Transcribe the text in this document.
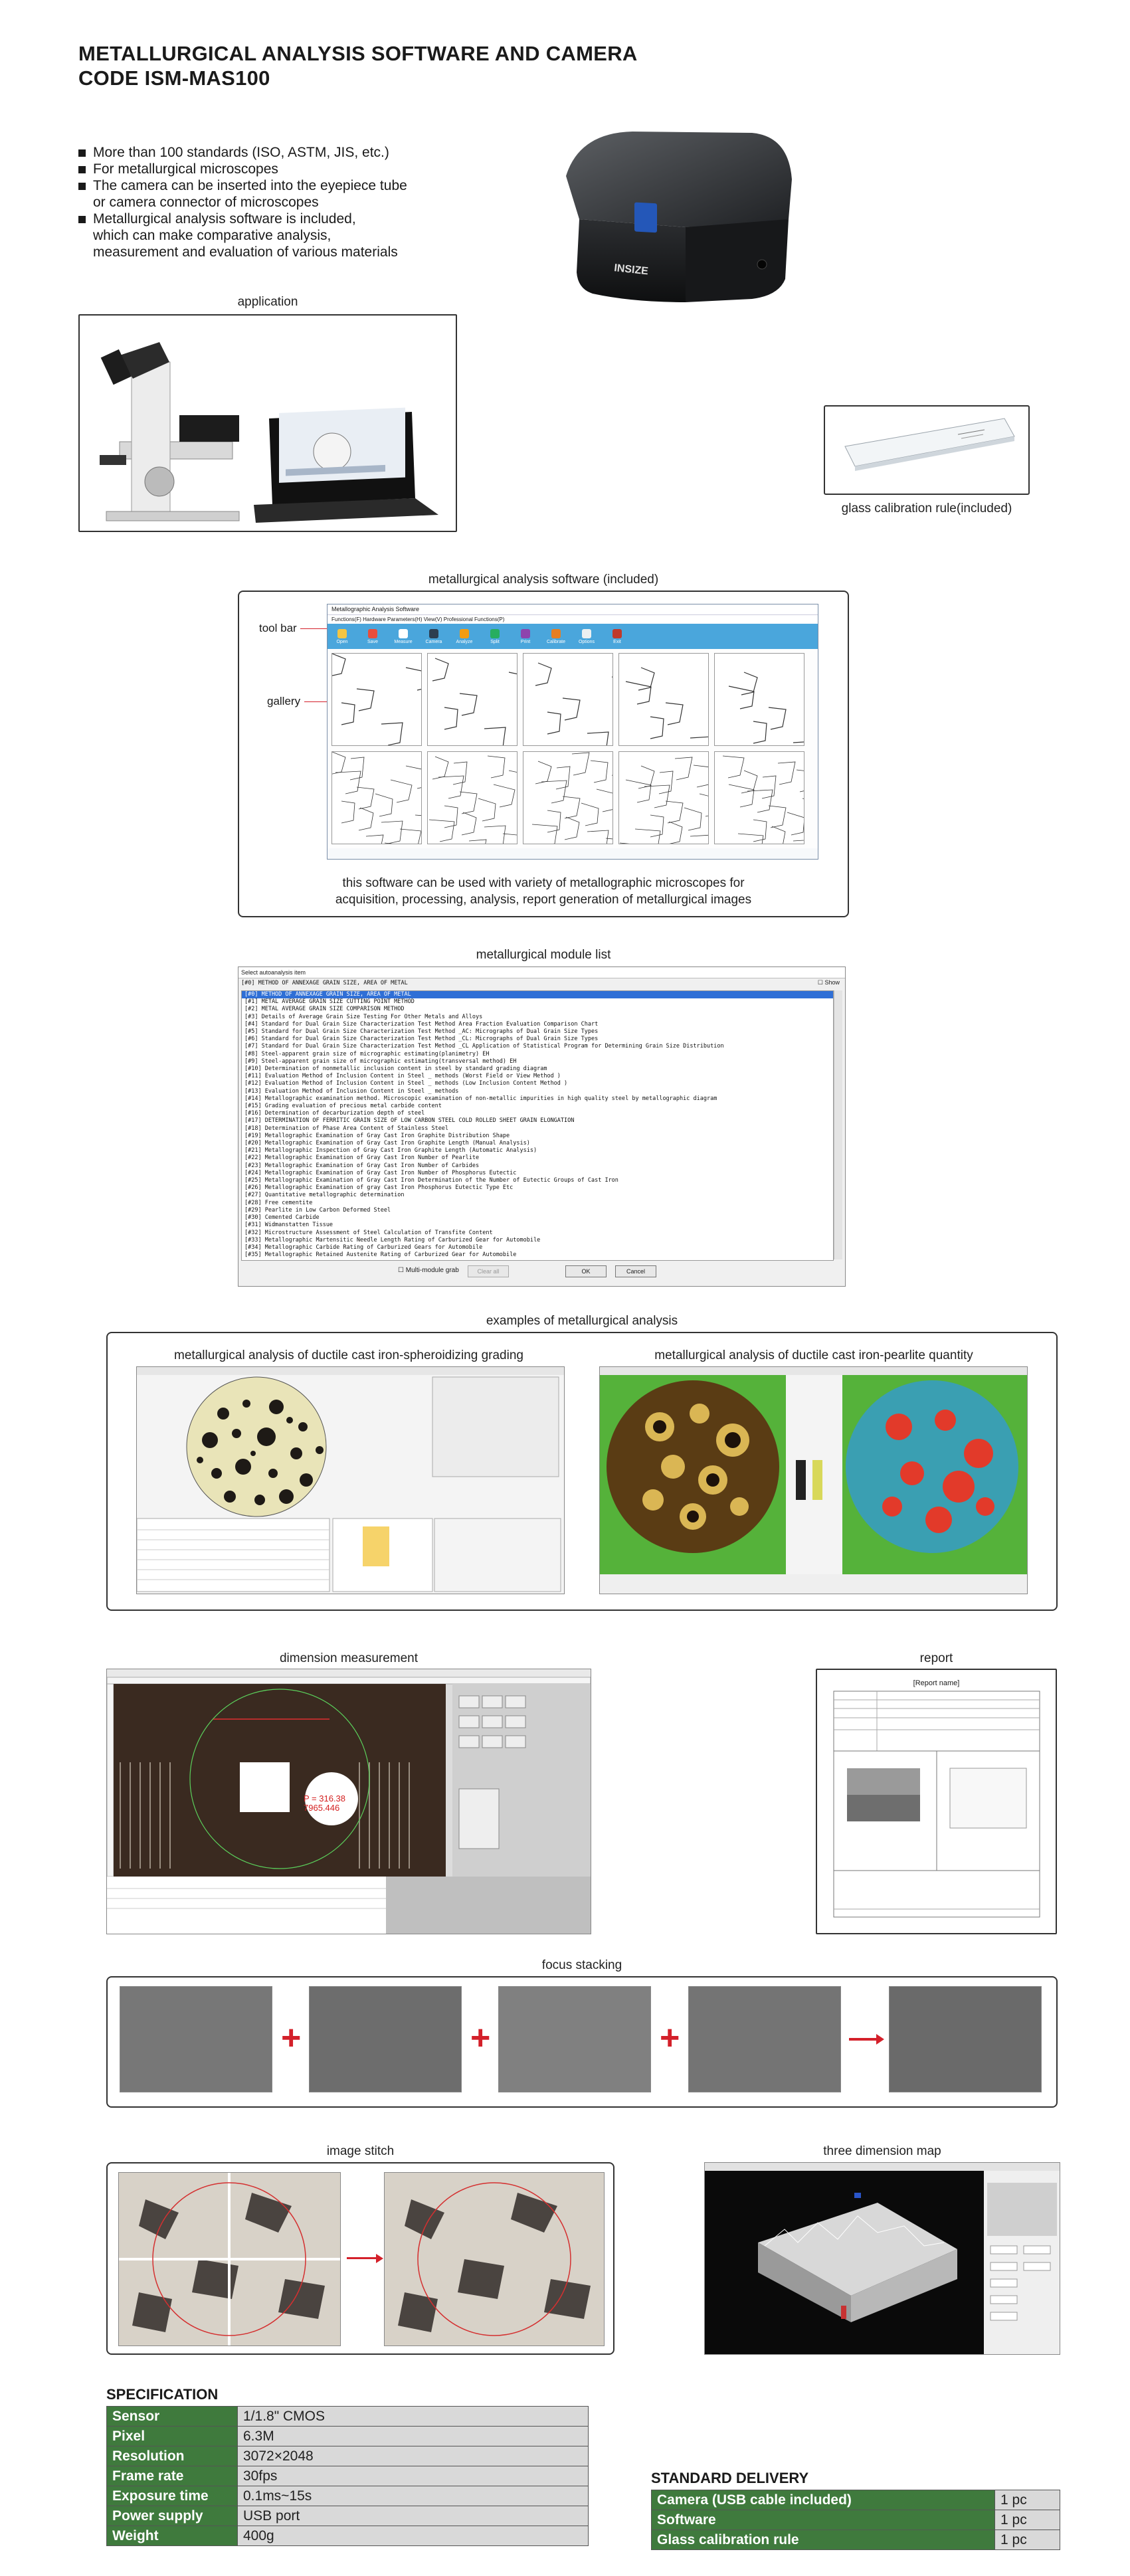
METALLURGICAL ANALYSIS SOFTWARE AND CAMERA
CODE ISM-MAS100
More than 100 standards (ISO, ASTM, JIS, etc.)
For metallurgical microscopes
The camera can be inserted into the eyepiece tube
or camera connector of microscopes
Metallurgical analysis software is included,
which can make comparative analysis,
measurement and evaluation of various materials
INSIZE
application
glass calibration rule(included)
metallurgical analysis software (included)
tool bar
gallery
Metallographic Analysis Software
Functions(F) Hardware Parameters(H) View(V) Professional Functions(P)
Open	Save	Measure	Camera	Analyze	Split	Print	Calibrate	Options	Exit
this software can be used with variety of metallographic microscopes for
acquisition, processing, analysis, report generation of metallurgical images
metallurgical module list
Select autoanalysis item
[#0] METHOD OF ANNEXAGE GRAIN SIZE, AREA OF METAL	☐ Show
[#0] METHOD OF ANNEXAGE GRAIN SIZE, AREA OF METAL
[#1] METAL AVERAGE GRAIN SIZE CUTTING POINT METHOD
[#2] METAL AVERAGE GRAIN SIZE COMPARISON METHOD
[#3] Details of Average Grain Size Testing For Other Metals and Alloys
[#4] Standard for Dual Grain Size Characterization Test Method Area Fraction Evaluation Comparison Chart
[#5] Standard for Dual Grain Size Characterization Test Method _AC: Micrographs of Dual Grain Size Types
[#6] Standard for Dual Grain Size Characterization Test Method _CL: Micrographs of Dual Grain Size Types
[#7] Standard for Dual Grain Size Characterization Test Method _CL Application of Statistical Program for Determining Grain Size Distribution
[#8] Steel-apparent grain size of micrographic estimating(planimetry) EH
[#9] Steel-apparent grain size of micrographic estimating(transversal method) EH
[#10] Determination of nonmetallic inclusion content in steel by standard grading diagram
[#11] Evaluation Method of Inclusion Content in Steel _ methods (Worst Field or View Method )
[#12] Evaluation Method of Inclusion Content in Steel _ methods (Low Inclusion Content Method )
[#13] Evaluation Method of Inclusion Content in Steel _ methods
[#14] Metallographic examination method. Microscopic examination of non-metallic impurities in high quality steel by metallographic diagram
[#15] Grading evaluation of precious metal carbide content
[#16] Determination of decarburization depth of steel
[#17] DETERMINATION OF FERRITIC GRAIN SIZE OF LOW CARBON STEEL COLD ROLLED SHEET GRAIN ELONGATION
[#18] Determination of Phase Area Content of Stainless Steel
[#19] Metallographic Examination of Gray Cast Iron Graphite Distribution Shape
[#20] Metallographic Examination of Gray Cast Iron Graphite Length (Manual Analysis)
[#21] Metallographic Inspection of Gray Cast Iron Graphite Length (Automatic Analysis)
[#22] Metallographic Examination of Gray Cast Iron Number of Pearlite
[#23] Metallographic Examination of Gray Cast Iron Number of Carbides
[#24] Metallographic Examination of Gray Cast Iron Number of Phosphorus Eutectic
[#25] Metallographic Examination of Gray Cast Iron Determination of the Number of Eutectic Groups of Cast Iron
[#26] Metallographic Examination of gray Cast Iron Phosphorus Eutectic Type Etc
[#27] Quantitative metallographic determination
[#28] Free cementite
[#29] Pearlite in Low Carbon Deformed Steel
[#30] Cemented Carbide
[#31] Widmanstatten Tissue
[#32] Microstructure Assessment of Steel Calculation of Transfite Content
[#33] Metallographic Martensitic Needle Length Rating of Carburized Gear for Automobile
[#34] Metallographic Carbide Rating of Carburized Gears for Automobile
[#35] Metallographic Retained Austenite Rating of Carburized Gear for Automobile
☐ Multi-module grab	Clear all	OK	Cancel
examples of metallurgical analysis
metallurgical analysis of ductile cast iron-spheroidizing grading	metallurgical analysis of ductile cast iron-pearlite quantity
dimension measurement
P = 316.38
7965.446
report
[Report name]
focus stacking
+	+	+
image stitch	three dimension map
SPECIFICATION
Sensor	1/1.8" CMOS
Pixel	6.3M
Resolution	3072×2048
Frame rate	30fps
Exposure time	0.1ms~15s
Power supply	USB port
Weight	400g
STANDARD DELIVERY
Camera (USB cable included)	1 pc
Software	1 pc
Glass calibration rule	1 pc
